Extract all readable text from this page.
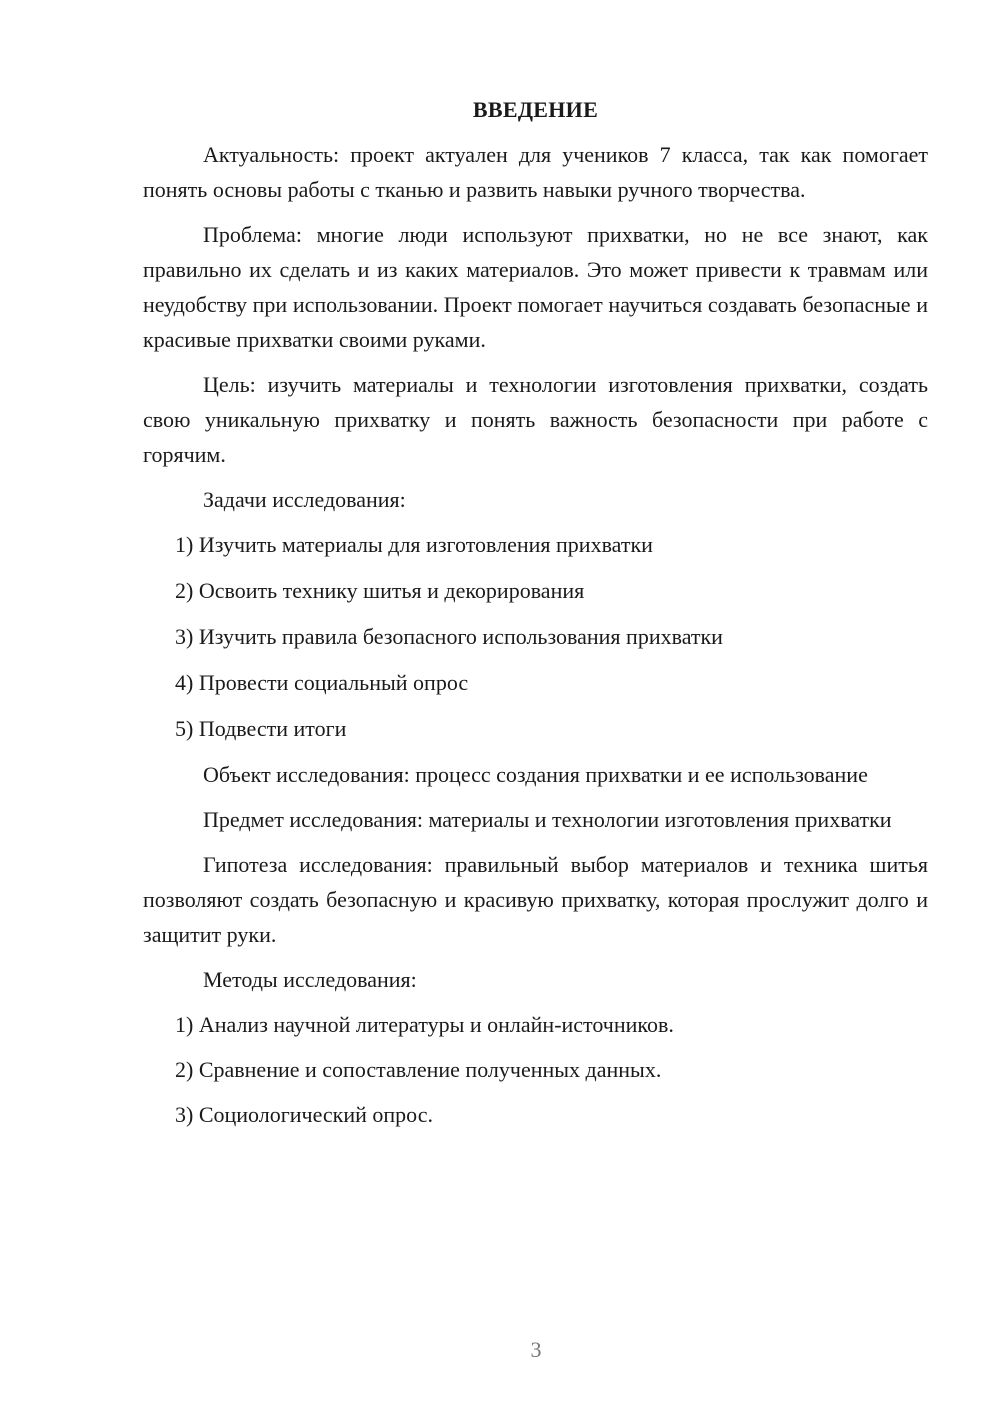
ВВЕДЕНИЕ

Актуальность: проект актуален для учеников 7 класса, так как помогает понять основы работы с тканью и развить навыки ручного творчества.

Проблема: многие люди используют прихватки, но не все знают, как правильно их сделать и из каких материалов. Это может привести к травмам или неудобству при использовании. Проект помогает научиться создавать безопасные и красивые прихватки своими руками.

Цель: изучить материалы и технологии изготовления прихватки, создать свою уникальную прихватку и понять важность безопасности при работе с горячим.

Задачи исследования:

1) Изучить материалы для изготовления прихватки
2) Освоить технику шитья и декорирования
3) Изучить правила безопасного использования прихватки
4) Провести социальный опрос
5) Подвести итоги

Объект исследования: процесс создания прихватки и ее использование

Предмет исследования: материалы и технологии изготовления прихватки

Гипотеза исследования: правильный выбор материалов и техника шитья позволяют создать безопасную и красивую прихватку, которая прослужит долго и защитит руки.

Методы исследования:

1) Анализ научной литературы и онлайн-источников.
2) Сравнение и сопоставление полученных данных.
3) Социологический опрос.
3
